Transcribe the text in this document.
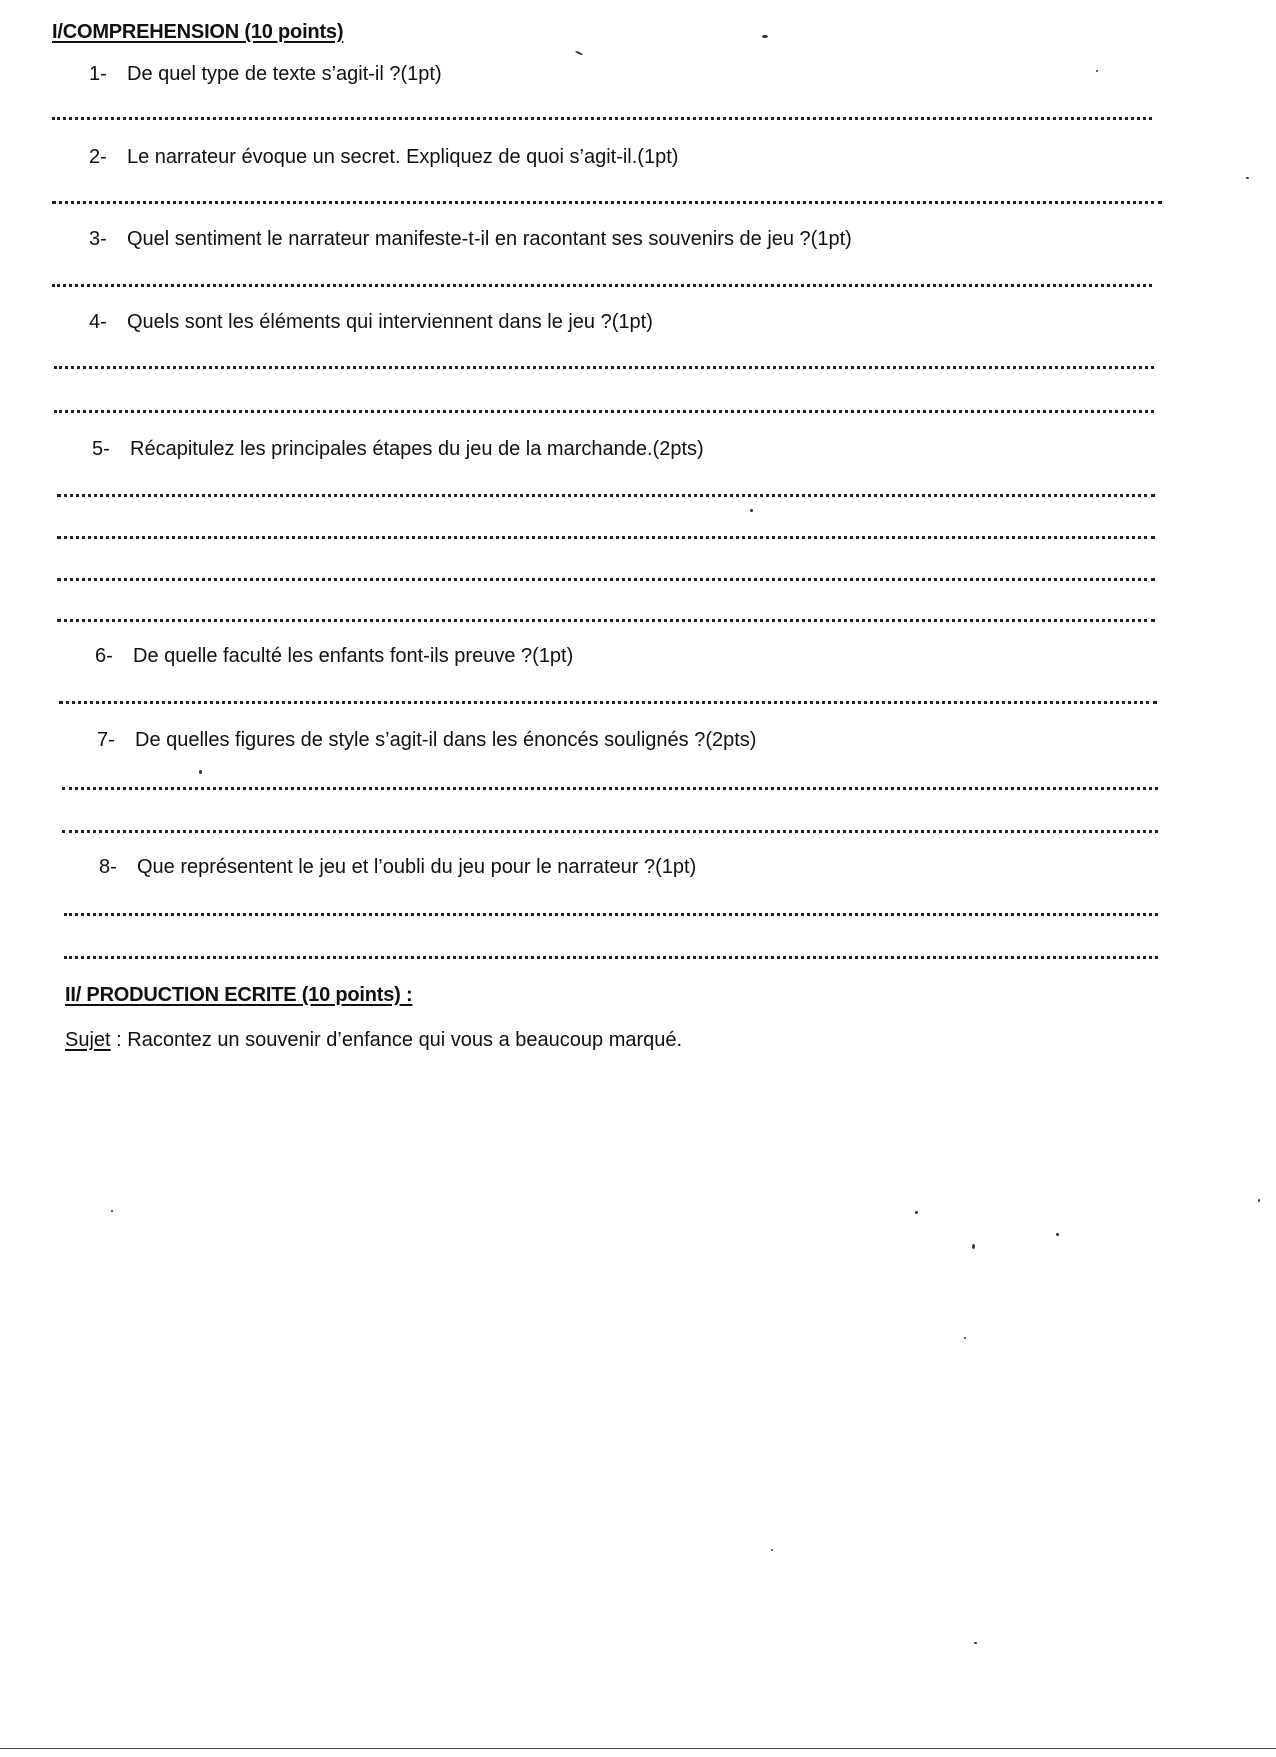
I/COMPREHENSION (10 points)
1- De quel type de texte s’agit-il ?(1pt)
2- Le narrateur évoque un secret. Expliquez de quoi s’agit-il.(1pt)
3- Quel sentiment le narrateur manifeste-t-il en racontant ses souvenirs de jeu ?(1pt)
4- Quels sont les éléments qui interviennent dans le jeu ?(1pt)
5- Récapitulez les principales étapes du jeu de la marchande.(2pts)
6- De quelle faculté les enfants font-ils preuve ?(1pt)
7- De quelles figures de style s’agit-il dans les énoncés soulignés ?(2pts)
8- Que représentent le jeu et l’oubli du jeu pour le narrateur ?(1pt)
II/ PRODUCTION ECRITE (10 points) :
Sujet : Racontez un souvenir d’enfance qui vous a beaucoup marqué.
